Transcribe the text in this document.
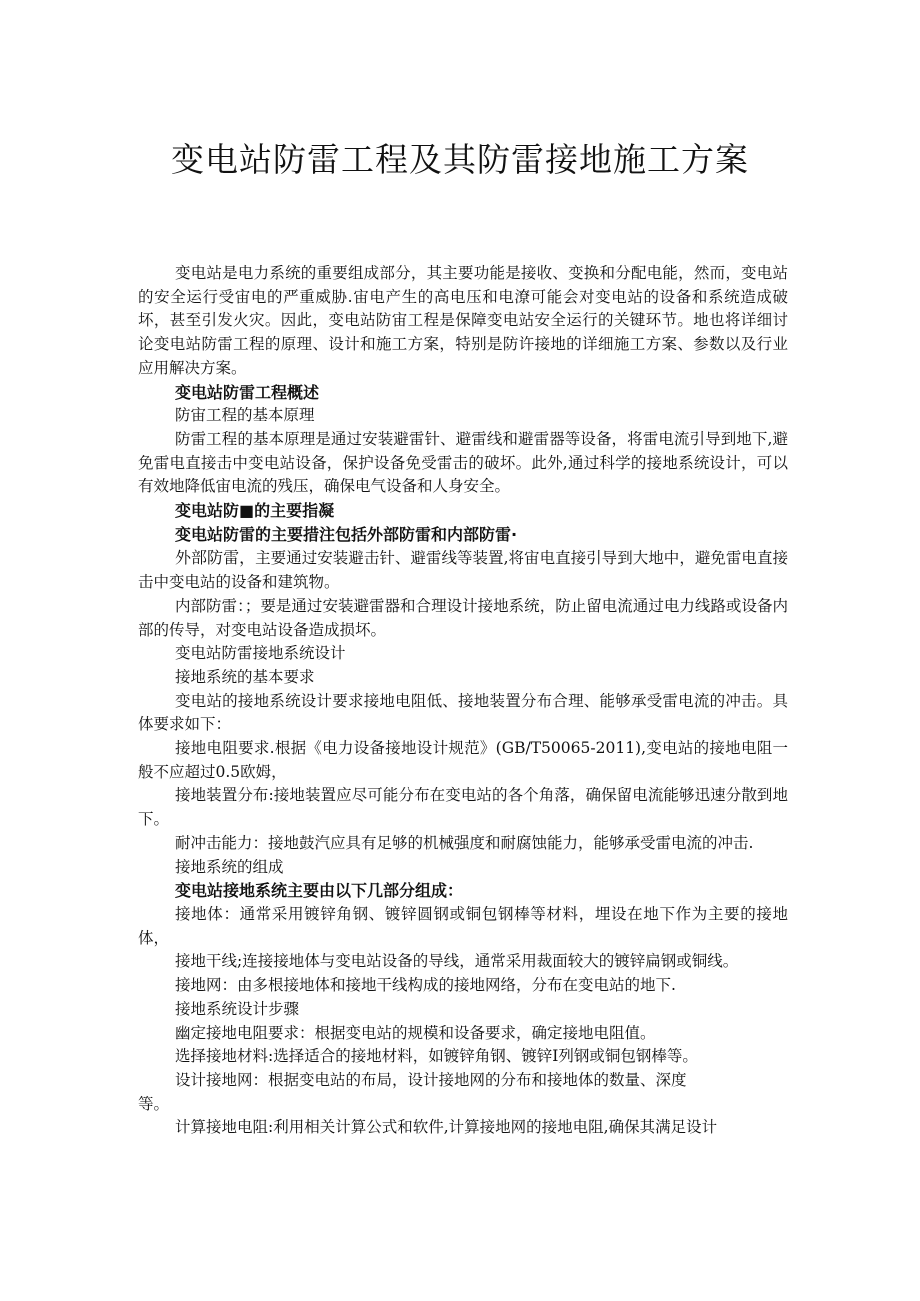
变电站防雷工程及其防雷接地施工方案

变电站是电力系统的重要组成部分，其主要功能是接收、变换和分配电能，然而，变电站的安全运行受宙电的严重威胁.宙电产生的高电压和电潦可能会对变电站的设备和系统造成破坏，甚至引发火灾。因此，变电站防宙工程是保障变电站安全运行的关键环节。地也将详细讨论变电站防雷工程的原理、设计和施工方案，特别是防许接地的详细施工方案、参数以及行业应用解决方案。

变电站防雷工程概述

防宙工程的基本原理

防雷工程的基本原理是通过安装避雷针、避雷线和避雷器等设备，将雷电流引导到地下,避免雷电直接击中变电站设备，保护设备免受雷击的破坏。此外,通过科学的接地系统设计，可以有效地降低宙电流的残压，确保电气设备和人身安全。

变电站防■的主要指凝

变电站防雷的主要措注包括外部防雷和内部防雷·

外部防雷，主要通过安装避击针、避雷线等装置,将宙电直接引导到大地中，避免雷电直接击中变电站的设备和建筑物。

内部防雷：；要是通过安装避雷器和合理设计接地系统，防止留电流通过电力线路或设备内部的传导，对变电站设备造成损坏。

变电站防雷接地系统设计

接地系统的基本要求

变电站的接地系统设计要求接地电阻低、接地装置分布合理、能够承受雷电流的冲击。具体要求如下：

接地电阻要求.根据《电力设备接地设计规范》(GB/T50065-2011),变电站的接地电阻一般不应超过0.5欧姆，

接地装置分布:接地装置应尽可能分布在变电站的各个角落，确保留电流能够迅速分散到地下。

耐冲击能力：接地鼓汽应具有足够的机械强度和耐腐蚀能力，能够承受雷电流的冲击.

接地系统的组成

变电站接地系统主要由以下几部分组成：

接地体：通常采用镀锌角钢、镀锌圆钢或铜包钢棒等材料，埋设在地下作为主要的接地体，

接地干线;连接接地体与变电站设备的导线，通常采用裁面较大的镀锌扁钢或铜线。

接地网：由多根接地体和接地干线构成的接地网络，分布在变电站的地下.

接地系统设计步骤

幽定接地电阻要求：根据变电站的规模和设备要求，确定接地电阻值。

选择接地材料:选择适合的接地材料，如镀锌角钢、镀锌I列钢或铜包钢棒等。

设计接地网：根据变电站的布局，设计接地网的分布和接地体的数量、深度

等。

计算接地电阻:利用相关计算公式和软件,计算接地网的接地电阻,确保其满足设计
